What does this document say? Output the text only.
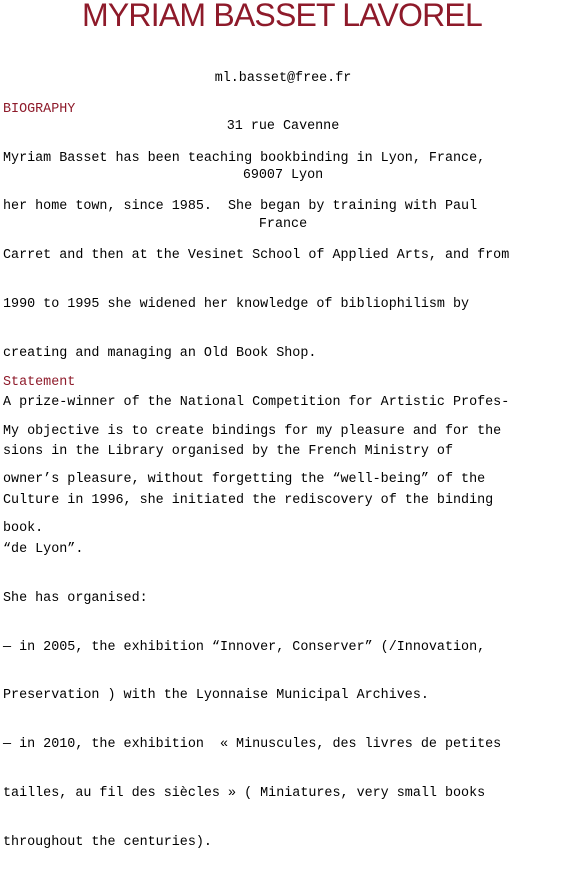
MYRIAM BASSET LAVOREL

ml.basset@free.fr

31 rue Cavenne

69007 Lyon

France

BIOGRAPHY

Myriam Basset has been teaching bookbinding in Lyon, France,

her home town, since 1985.  She began by training with Paul

Carret and then at the Vesinet School of Applied Arts, and from

1990 to 1995 she widened her knowledge of bibliophilism by

creating and managing an Old Book Shop.

A prize-winner of the National Competition for Artistic Profes-

sions in the Library organised by the French Ministry of

Culture in 1996, she initiated the rediscovery of the binding

“de Lyon”.

She has organised:

— in 2005, the exhibition “Innover, Conserver” (/Innovation,

Preservation ) with the Lyonnaise Municipal Archives.

— in 2010, the exhibition  « Minuscules, des livres de petites

tailles, au fil des siècles » ( Miniatures, very small books

throughout the centuries).

Statement

My objective is to create bindings for my pleasure and for the

owner’s pleasure, without forgetting the “well-being” of the

book.
